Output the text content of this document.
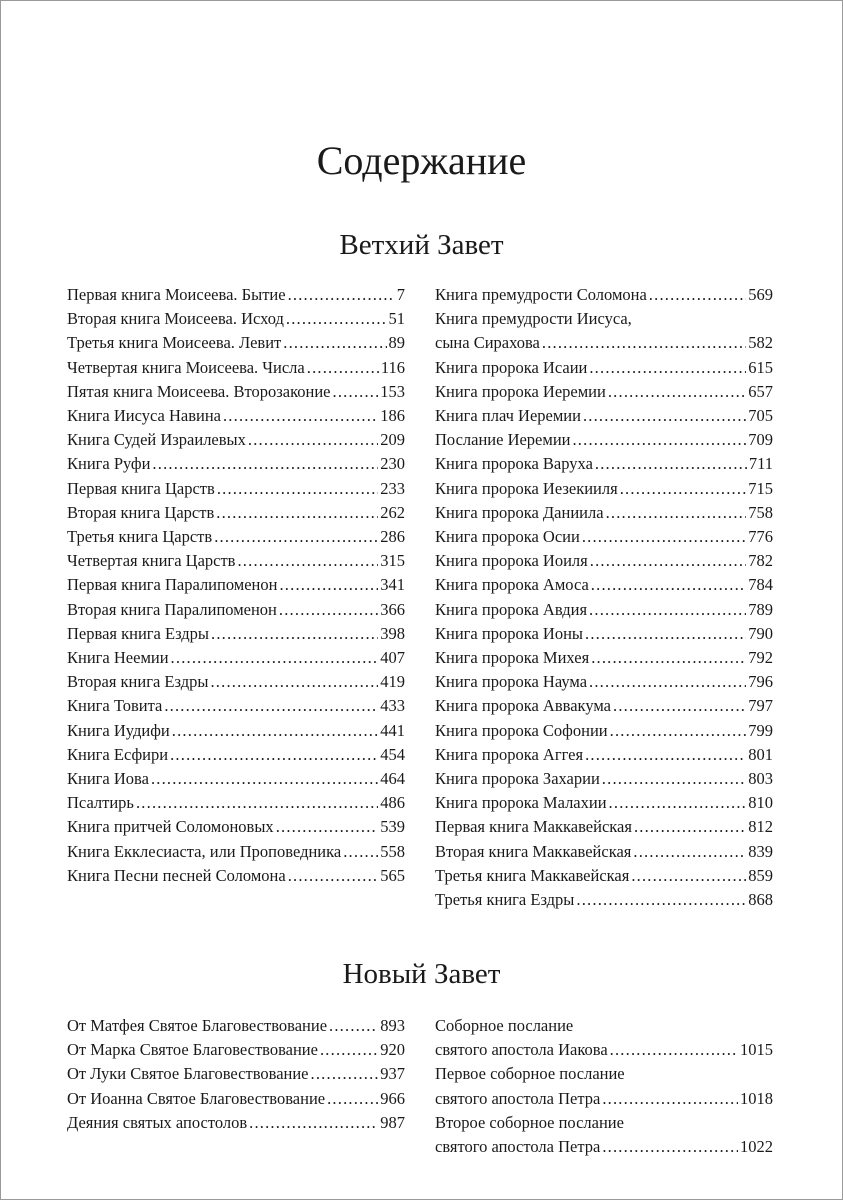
Содержание
Ветхий Завет
Первая книга Моисеева. Бытие .....	7
Вторая книга Моисеева. Исход .....	51
Третья книга Моисеева. Левит .....	89
Четвертая книга Моисеева. Числа .....	116
Пятая книга Моисеева. Второзаконие .....	153
Книга Иисуса Навина .....	186
Книга Судей Израилевых .....	209
Книга Руфи .....	230
Первая книга Царств .....	233
Вторая книга Царств .....	262
Третья книга Царств .....	286
Четвертая книга Царств .....	315
Первая книга Паралипоменон .....	341
Вторая книга Паралипоменон .....	366
Первая книга Ездры .....	398
Книга Неемии .....	407
Вторая книга Ездры .....	419
Книга Товита .....	433
Книга Иудифи .....	441
Книга Есфири .....	454
Книга Иова .....	464
Псалтирь .....	486
Книга притчей Соломоновых .....	539
Книга Екклесиаста, или Проповедника ..... 558
Книга Песни песней Соломона .....	565
Книга премудрости Соломона .....	569
Книга премудрости Иисуса,
сына Сирахова .....	582
Книга пророка Исаии .....	615
Книга пророка Иеремии .....	657
Книга плач Иеремии .....	705
Послание Иеремии .....	709
Книга пророка Варуха .....	711
Книга пророка Иезекииля .....	715
Книга пророка Даниила .....	758
Книга пророка Осии .....	776
Книга пророка Иоиля .....	782
Книга пророка Амоса .....	784
Книга пророка Авдия .....	789
Книга пророка Ионы .....	790
Книга пророка Михея .....	792
Книга пророка Наума .....	796
Книга пророка Аввакума .....	797
Книга пророка Софонии .....	799
Книга пророка Аггея .....	801
Книга пророка Захарии .....	803
Книга пророка Малахии .....	810
Первая книга Маккавейская .....	812
Вторая книга Маккавейская .....	839
Третья книга Маккавейская .....	859
Третья книга Ездры .....	868
Новый Завет
От Матфея Святое Благовествование .....	893
От Марка Святое Благовествование .....	920
От Луки Святое Благовествование .....	937
От Иоанна Святое Благовествование .....	966
Деяния святых апостолов .....	987
Соборное послание
святого апостола Иакова .....	1015
Первое соборное послание
святого апостола Петра .....	1018
Второе соборное послание
святого апостола Петра .....	1022
